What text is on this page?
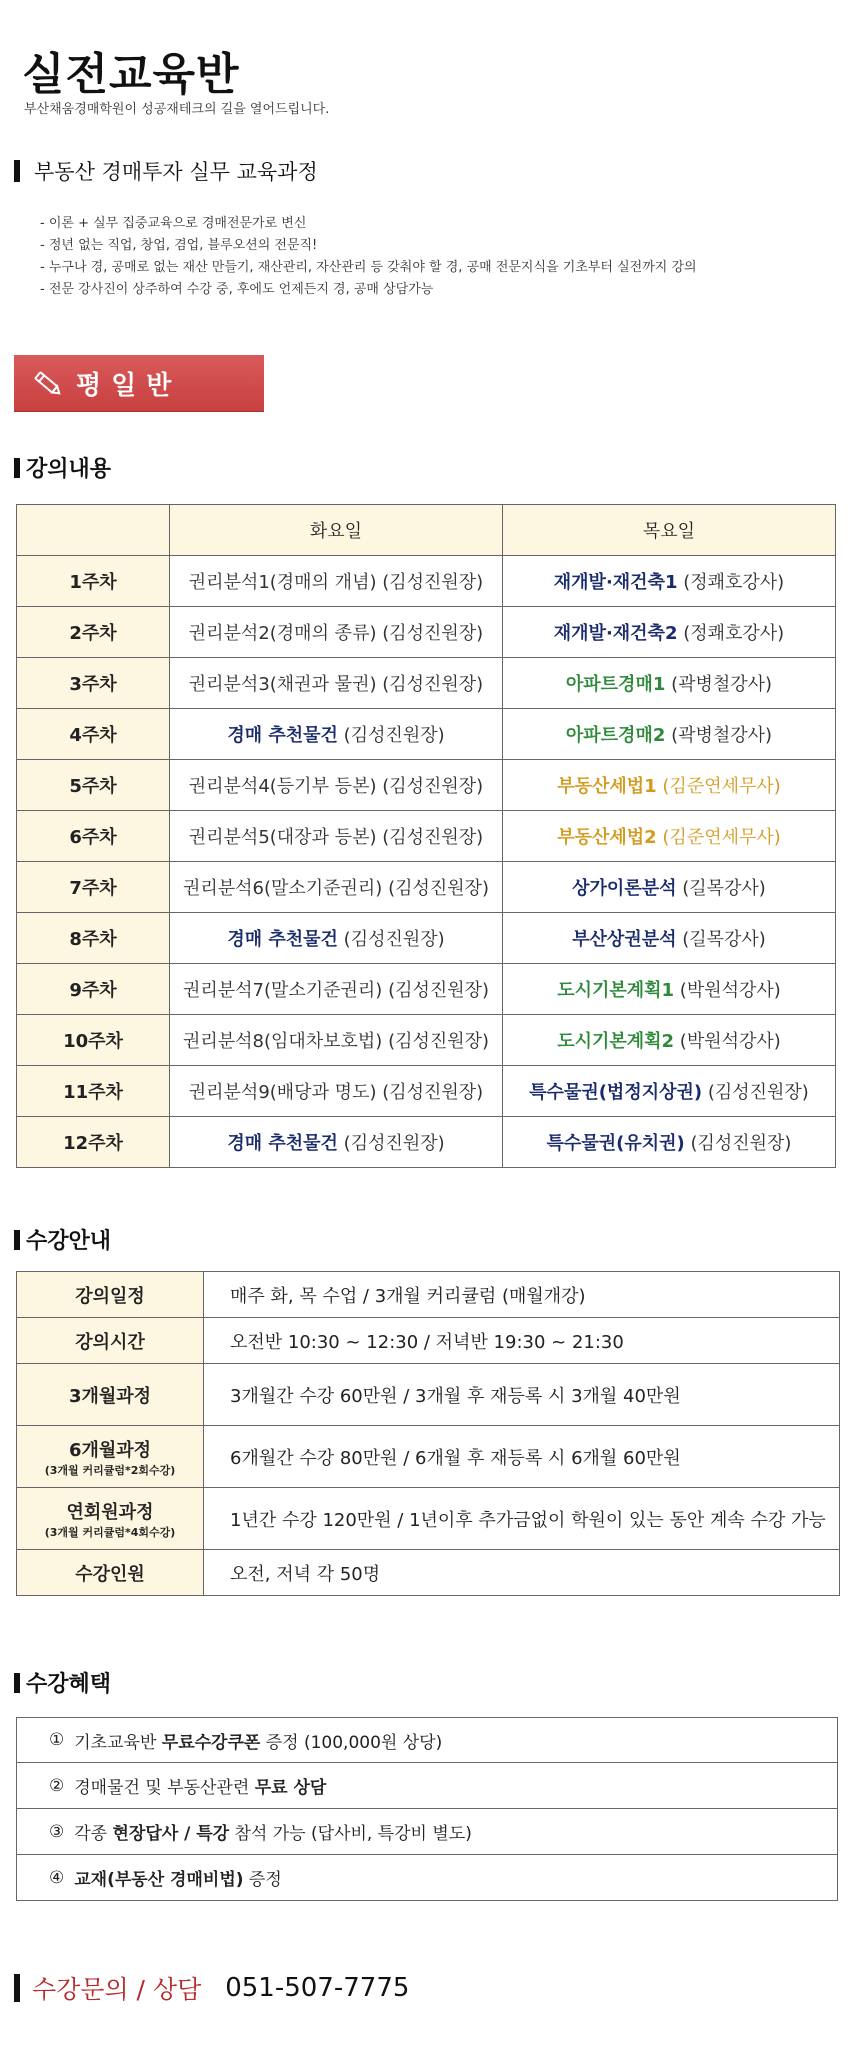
실전교육반
부산채움경매학원이 성공재테크의 길을 열어드립니다.
부동산 경매투자 실무 교육과정
- 이론 + 실무 집중교육으로 경매전문가로 변신
- 정년 없는 직업, 창업, 겸업, 블루오션의 전문직!
- 누구나 경, 공매로 없는 재산 만들기, 재산관리, 자산관리 등 갖춰야 할 경, 공매 전문지식을 기초부터 실전까지 강의
- 전문 강사진이 상주하여 수강 중, 후에도 언제든지 경, 공매 상담가능
평일반
강의내용
	화요일	목요일
1주차	권리분석1(경매의 개념) (김성진원장)	재개발·재건축1 (정쾌호강사)
2주차	권리분석2(경매의 종류) (김성진원장)	재개발·재건축2 (정쾌호강사)
3주차	권리분석3(채권과 물권) (김성진원장)	아파트경매1 (곽병철강사)
4주차	경매 추천물건 (김성진원장)	아파트경매2 (곽병철강사)
5주차	권리분석4(등기부 등본) (김성진원장)	부동산세법1 (김준연세무사)
6주차	권리분석5(대장과 등본) (김성진원장)	부동산세법2 (김준연세무사)
7주차	권리분석6(말소기준권리) (김성진원장)	상가이론분석 (길목강사)
8주차	경매 추천물건 (김성진원장)	부산상권분석 (길목강사)
9주차	권리분석7(말소기준권리) (김성진원장)	도시기본계획1 (박원석강사)
10주차	권리분석8(임대차보호법) (김성진원장)	도시기본계획2 (박원석강사)
11주차	권리분석9(배당과 명도) (김성진원장)	특수물권(법정지상권) (김성진원장)
12주차	경매 추천물건 (김성진원장)	특수물권(유치권) (김성진원장)
수강안내
강의일정	매주 화, 목 수업 / 3개월 커리큘럼 (매월개강)
강의시간	오전반 10:30 ~ 12:30 / 저녁반 19:30 ~ 21:30
3개월과정	3개월간 수강 60만원 / 3개월 후 재등록 시 3개월 40만원
6개월과정
(3개월 커리큘럼*2회수강)	6개월간 수강 80만원 / 6개월 후 재등록 시 6개월 60만원
연회원과정
(3개월 커리큘럼*4회수강)	1년간 수강 120만원 / 1년이후 추가금없이 학원이 있는 동안 계속 수강 가능
수강인원	오전, 저녁 각 50명
수강혜택
① 기초교육반 무료수강쿠폰 증정 (100,000원 상당)
② 경매물건 및 부동산관련 무료 상담
③ 각종 현장답사 / 특강 참석 가능 (답사비, 특강비 별도)
④ 교재(부동산 경매비법) 증정
수강문의 / 상담 051-507-7775
